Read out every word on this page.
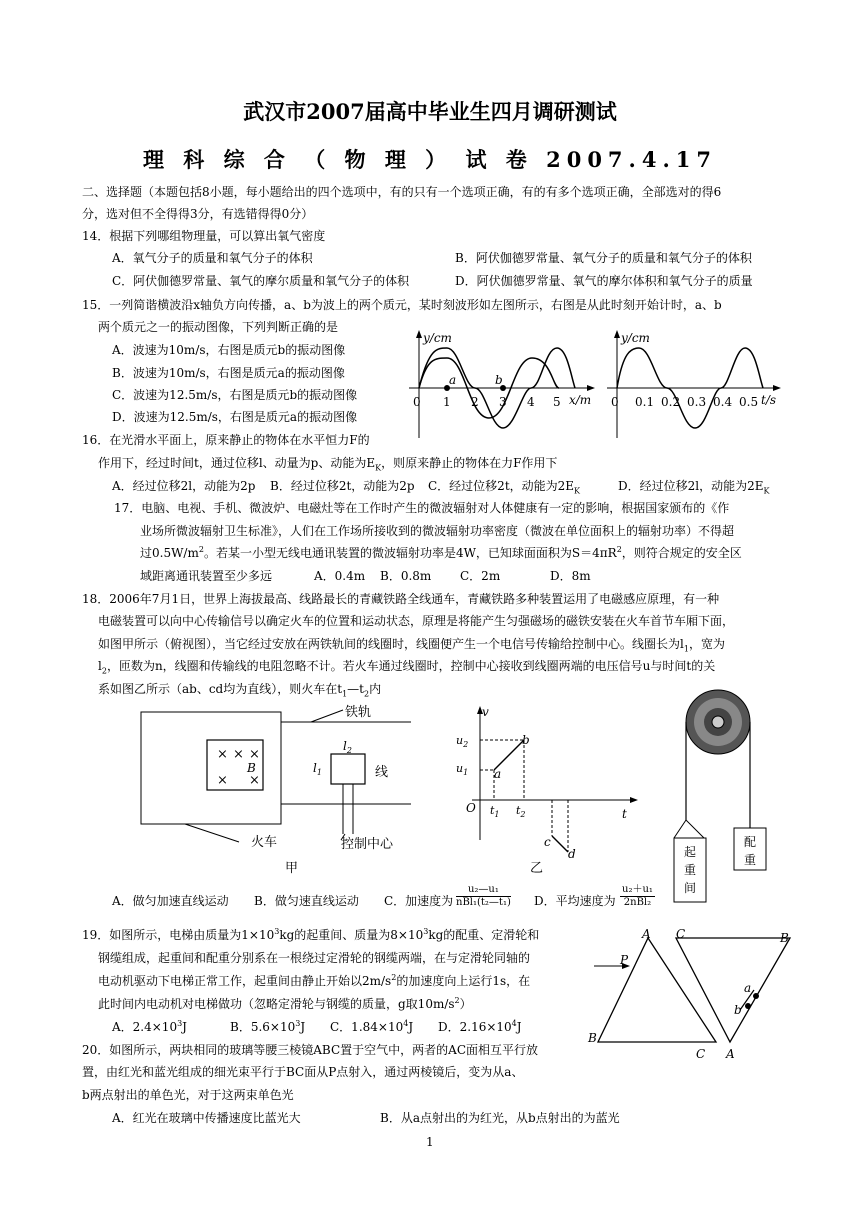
武汉市2007届高中毕业生四月调研测试
理 科 综 合 （ 物 理 ） 试 卷 2007.4.17
二、选择题（本题包括8小题，每小题给出的四个选项中，有的只有一个选项正确，有的有多个选项正确，全部选对的得6
分，选对但不全得得3分，有选错得得0分）
14．根据下列哪组物理量，可以算出氧气密度
A．氧气分子的质量和氧气分子的体积	B．阿伏伽德罗常量、氧气分子的质量和氧气分子的体积
C．阿伏伽德罗常量、氧气的摩尔质量和氧气分子的体积	D．阿伏伽德罗常量、氧气的摩尔体积和氧气分子的质量
15．一列简谐横波沿x轴负方向传播，a、b为波上的两个质元，某时刻波形如左图所示，右图是从此时刻开始计时，a、b
两个质元之一的振动图像，下列判断正确的是
A．波速为10m/s，右图是质元b的振动图像
B．波速为10m/s，右图是质元a的振动图像
C．波速为12.5m/s，右图是质元b的振动图像
D．波速为12.5m/s，右图是质元a的振动图像
y/cm
a	b
x/m
0 1 2 3 4 5
y/cm
t/s
0 0.1 0.2 0.3 0.4 0.5
16．在光滑水平面上，原来静止的物体在水平恒力F的
作用下，经过时间t，通过位移l、动量为p、动能为$E_K$，则原来静止的物体在力F作用下
A．经过位移2l，动能为2p B．经过位移2t，动能为2p C．经过位移2t，动能为$2E_K$	D．经过位移2l，动能为$2E_K$
17．电脑、电视、手机、微波炉、电磁灶等在工作时产生的微波辐射对人体健康有一定的影响，根据国家颁布的《作
业场所微波辐射卫生标准》，人们在工作场所接收到的微波辐射功率密度（微波在单位面积上的辐射功率）不得超
过$0.5W/m^2$。若某一小型无线电通讯装置的微波辐射功率是4W，已知球面面积为$S=4\pi R^2$，则符合规定的安全区
域距离通讯装置至少多远	A．0.4m B．0.8m C．2m	D．8m
18．2006年7月1日，世界上海拔最高、线路最长的青藏铁路全线通车，青藏铁路多种装置运用了电磁感应原理，有一种
电磁装置可以向中心传输信号以确定火车的位置和运动状态，原理是将能产生匀强磁场的磁铁安装在火车首节车厢下面，
如图甲所示（俯视图），当它经过安放在两铁轨间的线圈时，线圈便产生一个电信号传输给控制中心。线圈长为$l_1$，宽为
$l_2$，匝数为n，线圈和传输线的电阻忽略不计。若火车通过线圈时，控制中心接收到线圈两端的电压信号u与时间t的关
系如图乙所示（ab、cd均为直线），则火车在$t_1—t_2$内
× × ×
× ×
B
铁轨
$l_2$
$l_1$	线
火车	控制中心
甲
v
$u_2$
$u_1$
O $t_1$ $t_2$	t
a
b
c
d
乙
起
重
间
配
重
A．做匀加速直线运动 B．做匀速直线运动 C．加速度为
u₂—u₁
nBl₁(t₂—t₁) D．平均速度为
u₂＋u₁
2nBl₂
19．如图所示，电梯由质量为$1\times 10^3kg$的起重间、质量为$8\times 10^3kg$的配重、定滑轮和
钢缆组成，起重间和配重分别系在一根绕过定滑轮的钢缆两端，在与定滑轮同轴的
电动机驱动下电梯正常工作，起重间由静止开始以$2m/s^2$的加速度向上运行1s，在
此时间内电动机对电梯做功（忽略定滑轮与钢缆的质量，g取$10m/s^2$）
A．$2.4\times 10^3J$	B．$5.6\times 10^3J$ C．$1.84\times 10^4J$ D．$2.16\times 10^4J$
A C	B
P
a
b
B
C A
20．如图所示，两块相同的玻璃等腰三棱镜ABC置于空气中，两者的AC面相互平行放
置，由红光和蓝光组成的细光束平行于BC面从P点射入，通过两棱镜后，变为从a、
b两点射出的单色光，对于这两束单色光
A．红光在玻璃中传播速度比蓝光大	B．从a点射出的为红光，从b点射出的为蓝光
1
